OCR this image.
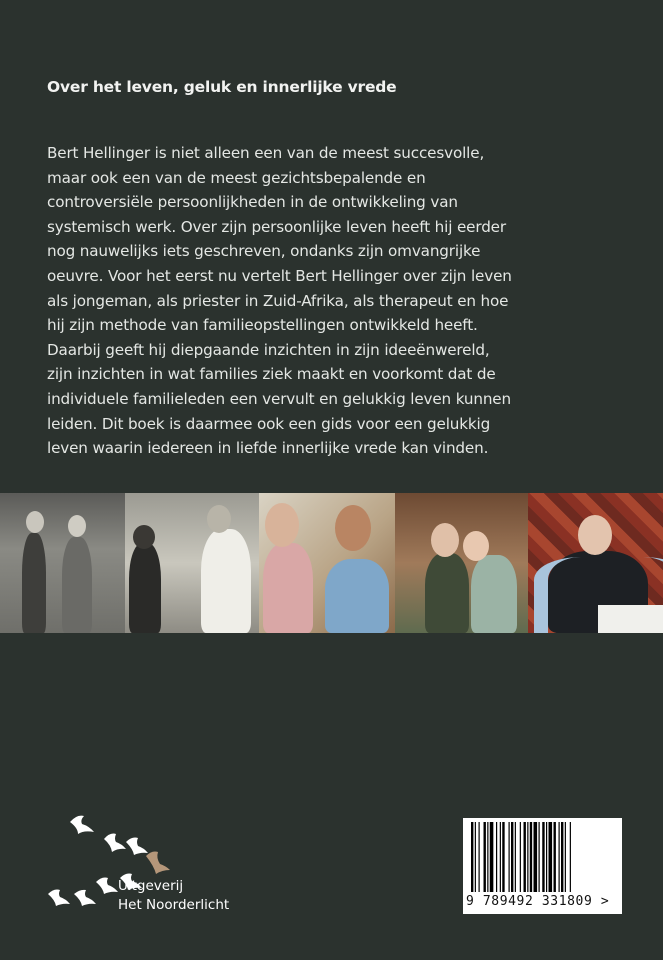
Over het leven, geluk en innerlijke vrede
Bert Hellinger is niet alleen een van de meest succesvolle,
maar ook een van de meest gezichtsbepalende en
controversiële persoonlijkheden in de ontwikkeling van
systemisch werk. Over zijn persoonlijke leven heeft hij eerder
nog nauwelijks iets geschreven, ondanks zijn omvangrijke
oeuvre. Voor het eerst nu vertelt Bert Hellinger over zijn leven
als jongeman, als priester in Zuid-Afrika, als therapeut en hoe
hij zijn methode van familieopstellingen ontwikkeld heeft.
Daarbij geeft hij diepgaande inzichten in zijn ideeënwereld,
zijn inzichten in wat families ziek maakt en voorkomt dat de
individuele familieleden een vervult en gelukkig leven kunnen
leiden. Dit boek is daarmee ook een gids voor een gelukkig
leven waarin iedereen in liefde innerlijke vrede kan vinden.
Uitgeverij
Het Noorderlicht	9 789492 331809 >
